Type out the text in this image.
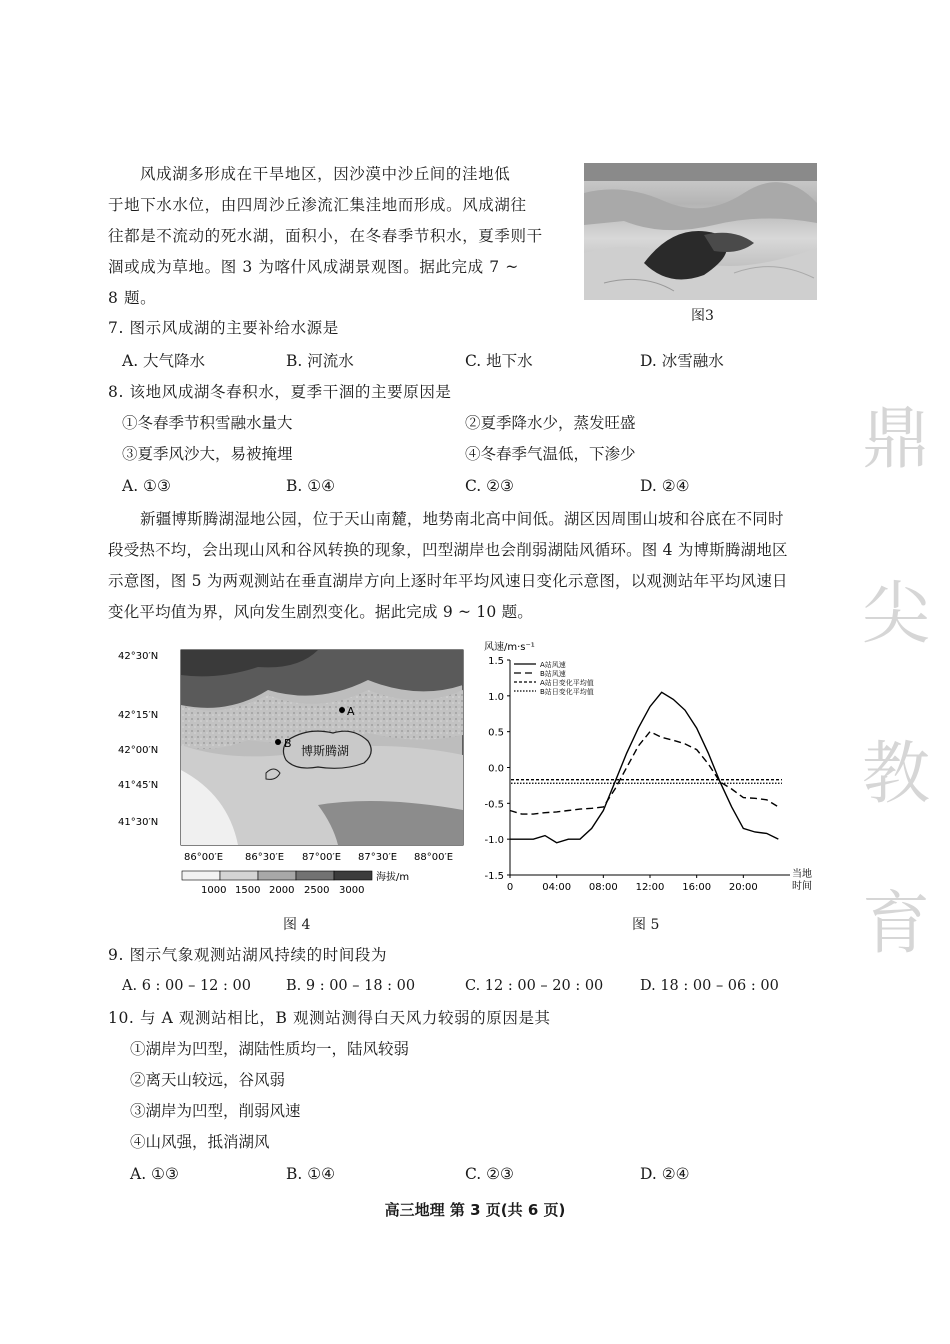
鼎
尖
教
育
风成湖多形成在干旱地区，因沙漠中沙丘间的洼地低
于地下水水位，由四周沙丘渗流汇集洼地而形成。风成湖往
往都是不流动的死水湖，面积小，在冬春季节积水，夏季则干
涸或成为草地。图 3 为喀什风成湖景观图。据此完成 7 ~
8 题。
图3
7. 图示风成湖的主要补给水源是
A. 大气降水	B. 河流水	C. 地下水	D. 冰雪融水
8. 该地风成湖冬春积水，夏季干涸的主要原因是
①冬春季节积雪融水量大	②夏季降水少，蒸发旺盛
③夏季风沙大，易被掩埋	④冬春季气温低，下渗少
A. ①③	B. ①④	C. ②③	D. ②④
新疆博斯腾湖湿地公园，位于天山南麓，地势南北高中间低。湖区因周围山坡和谷底在不同时
段受热不均，会出现山风和谷风转换的现象，凹型湖岸也会削弱湖陆风循环。图 4 为博斯腾湖地区
示意图，图 5 为两观测站在垂直湖岸方向上逐时年平均风速日变化示意图，以观测站年平均风速日
变化平均值为界，风向发生剧烈变化。据此完成 9 ~ 10 题。
A
B
博斯腾湖
42°30′N
42°15′N
42°00′N
41°45′N
41°30′N
86°00′E 86°30′E 87°00′E 87°30′E 88°00′E
1000 1500 2000 2500 3000
海拔/m
图 4
1.5
1.0
0.5
0.0
-0.5
-1.0
-1.5
0	04:00 08:00 12:00 16:00 20:00
风速/m·s⁻¹
当地
时间
A站风速
B站风速
A站日变化平均值
B站日变化平均值
图 5
9. 图示气象观测站湖风持续的时间段为
A. 6 : 00 – 12 : 00 B. 9 : 00 – 18 : 00	C. 12 : 00 – 20 : 00	D. 18 : 00 – 06 : 00
10. 与 A 观测站相比，B 观测站测得白天风力较弱的原因是其
①湖岸为凹型，湖陆性质均一，陆风较弱
②离天山较远，谷风弱
③湖岸为凹型，削弱风速
④山风强，抵消湖风
A. ①③	B. ①④	C. ②③	D. ②④
高三地理 第 3 页(共 6 页)
